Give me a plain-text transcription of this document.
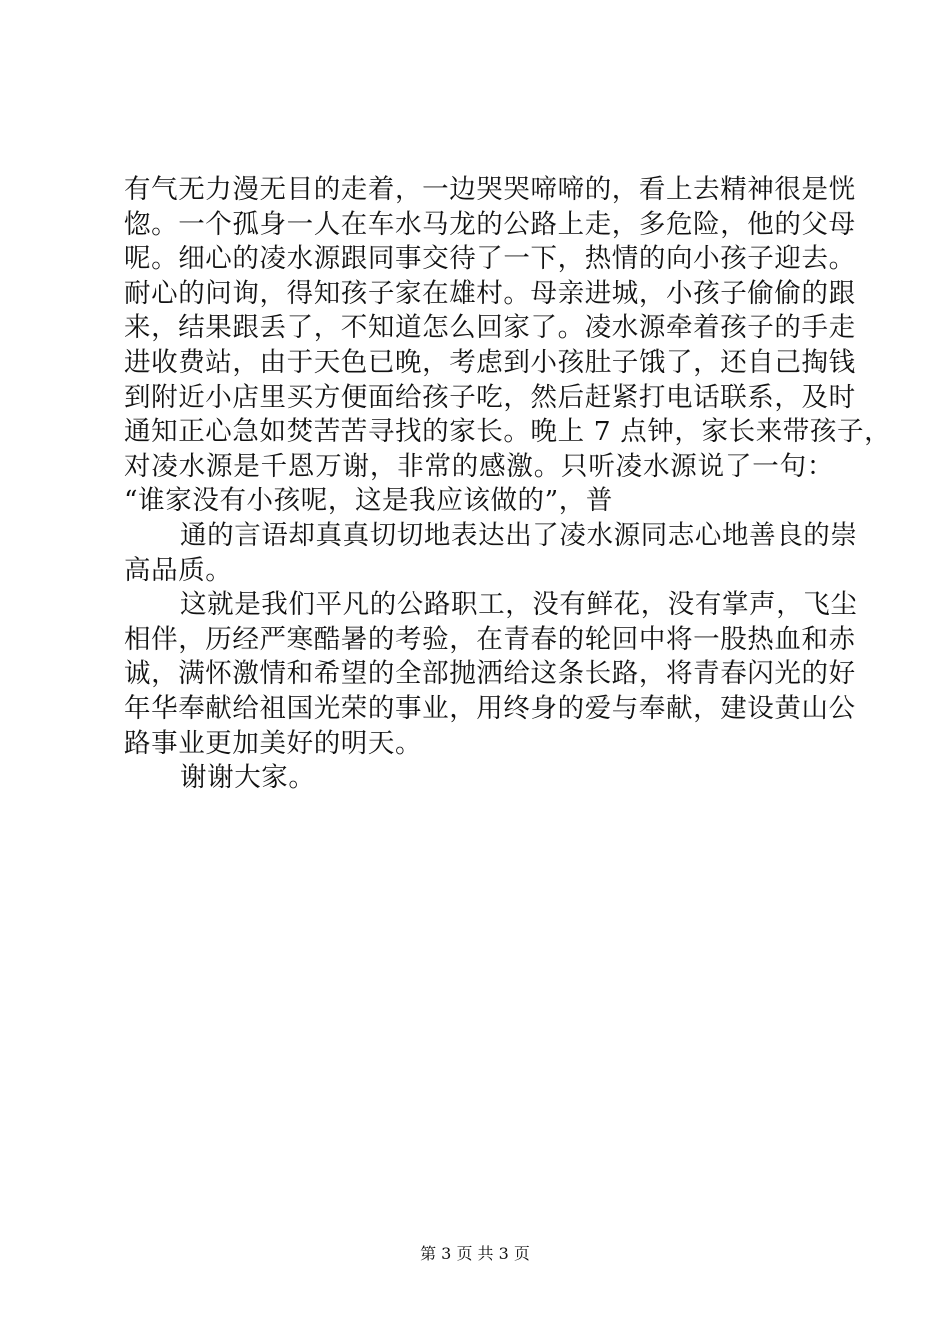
有气无力漫无目的走着，一边哭哭啼啼的，看上去精神很是恍
惚。一个孤身一人在车水马龙的公路上走，多危险，他的父母
呢。细心的凌水源跟同事交待了一下，热情的向小孩子迎去。
耐心的问询，得知孩子家在雄村。母亲进城，小孩子偷偷的跟
来，结果跟丢了，不知道怎么回家了。凌水源牵着孩子的手走
进收费站，由于天色已晚，考虑到小孩肚子饿了，还自己掏钱
到附近小店里买方便面给孩子吃，然后赶紧打电话联系，及时
通知正心急如焚苦苦寻找的家长。晚上 7 点钟，家长来带孩子，
对凌水源是千恩万谢，非常的感激。只听凌水源说了一句：
“谁家没有小孩呢，这是我应该做的”，普
通的言语却真真切切地表达出了凌水源同志心地善良的崇
高品质。
这就是我们平凡的公路职工，没有鲜花，没有掌声，飞尘
相伴，历经严寒酷暑的考验，在青春的轮回中将一股热血和赤
诚，满怀激情和希望的全部抛洒给这条长路，将青春闪光的好
年华奉献给祖国光荣的事业，用终身的爱与奉献，建设黄山公
路事业更加美好的明天。
谢谢大家。
第 3 页 共 3 页
